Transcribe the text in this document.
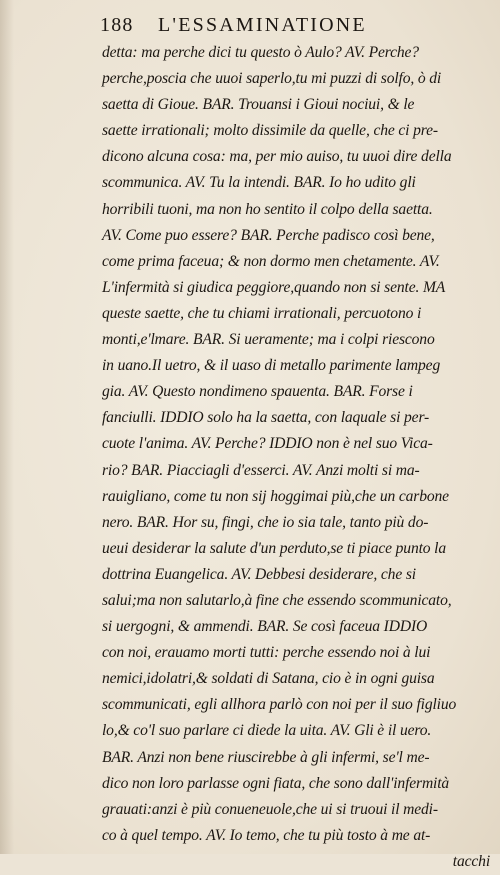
188 L'ESSAMINATIONE
detta: ma perche dici tu questo ò Aulo? AV. Perche?
perche,poscia che uuoi saperlo,tu mi puzzi di solfo, ò di
saetta di Gioue. BAR. Trouansi i Gioui nociui, & le
saette irrationali; molto dissimile da quelle, che ci pre-
dicono alcuna cosa: ma, per mio auiso, tu uuoi dire della
scommunica. AV. Tu la intendi. BAR. Io ho udito gli
horribili tuoni, ma non ho sentito il colpo della saetta.
AV. Come puo essere? BAR. Perche padisco così bene,
come prima faceua; & non dormo men chetamente. AV.
L'infermità si giudica peggiore,quando non si sente. MA
queste saette, che tu chiami irrationali, percuotono i
monti,e'lmare. BAR. Si ueramente; ma i colpi riescono
in uano.Il uetro, & il uaso di metallo parimente lampeg
gia. AV. Questo nondimeno spauenta. BAR. Forse i
fanciulli. IDDIO solo ha la saetta, con laquale si per-
cuote l'anima. AV. Perche? IDDIO non è nel suo Vica-
rio? BAR. Piacciagli d'esserci. AV. Anzi molti si ma-
rauigliano, come tu non sij hoggimai più,che un carbone
nero. BAR. Hor su, fingi, che io sia tale, tanto più do-
ueui desiderar la salute d'un perduto,se ti piace punto la
dottrina Euangelica. AV. Debbesi desiderare, che si
salui;ma non salutarlo,à fine che essendo scommunicato,
si uergogni, & ammendi. BAR. Se così faceua IDDIO
con noi, erauamo morti tutti: perche essendo noi à lui
nemici,idolatri,& soldati di Satana, cio è in ogni guisa
scommunicati, egli allhora parlò con noi per il suo figliuo
lo,& co'l suo parlare ci diede la uita. AV. Gli è il uero.
BAR. Anzi non bene riuscirebbe à gli infermi, se'l me-
dico non loro parlasse ogni fiata, che sono dall'infermità
grauati:anzi è più conueneuole,che ui si truoui il medi-
co à quel tempo. AV. Io temo, che tu più tosto à me at-
tacchi
